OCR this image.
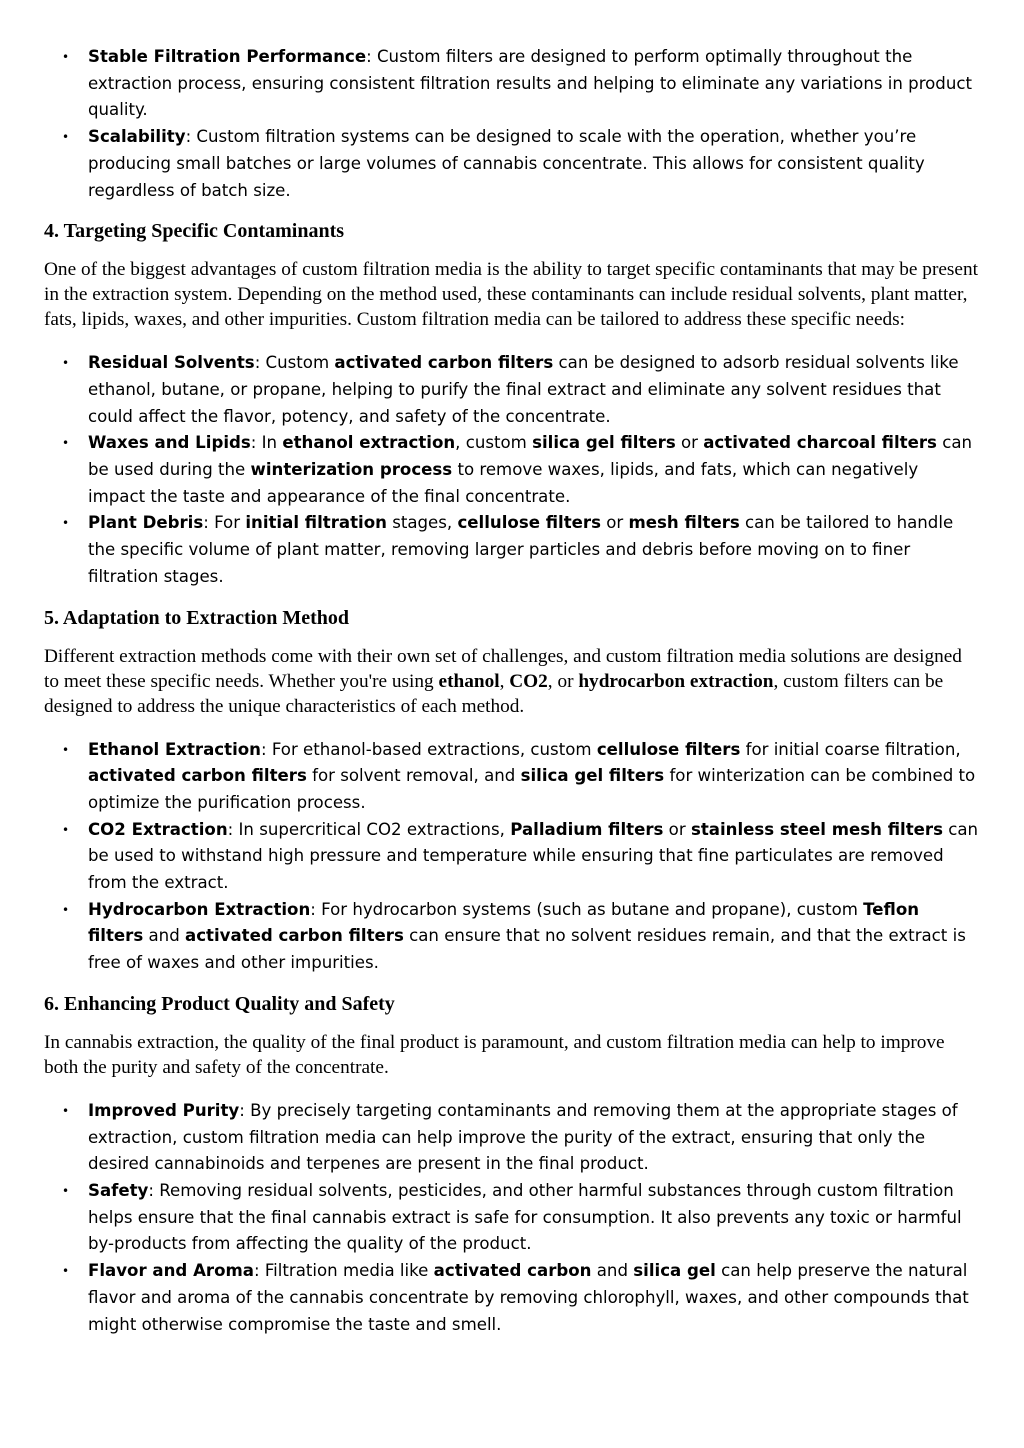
• Stable Filtration Performance: Custom filters are designed to perform optimally throughout the extraction process, ensuring consistent filtration results and helping to eliminate any variations in product quality.
• Scalability: Custom filtration systems can be designed to scale with the operation, whether you’re producing small batches or large volumes of cannabis concentrate. This allows for consistent quality regardless of batch size.
4. Targeting Specific Contaminants

One of the biggest advantages of custom filtration media is the ability to target specific contaminants that may be present in the extraction system. Depending on the method used, these contaminants can include residual solvents, plant matter, fats, lipids, waxes, and other impurities. Custom filtration media can be tailored to address these specific needs:

• Residual Solvents: Custom activated carbon filters can be designed to adsorb residual solvents like ethanol, butane, or propane, helping to purify the final extract and eliminate any solvent residues that could affect the flavor, potency, and safety of the concentrate.
• Waxes and Lipids: In ethanol extraction, custom silica gel filters or activated charcoal filters can be used during the winterization process to remove waxes, lipids, and fats, which can negatively impact the taste and appearance of the final concentrate.
• Plant Debris: For initial filtration stages, cellulose filters or mesh filters can be tailored to handle the specific volume of plant matter, removing larger particles and debris before moving on to finer filtration stages.
5. Adaptation to Extraction Method

Different extraction methods come with their own set of challenges, and custom filtration media solutions are designed to meet these specific needs. Whether you're using ethanol, CO2, or hydrocarbon extraction, custom filters can be designed to address the unique characteristics of each method.

• Ethanol Extraction: For ethanol-based extractions, custom cellulose filters for initial coarse filtration, activated carbon filters for solvent removal, and silica gel filters for winterization can be combined to optimize the purification process.
• CO2 Extraction: In supercritical CO2 extractions, Palladium filters or stainless steel mesh filters can be used to withstand high pressure and temperature while ensuring that fine particulates are removed from the extract.
• Hydrocarbon Extraction: For hydrocarbon systems (such as butane and propane), custom Teflon filters and activated carbon filters can ensure that no solvent residues remain, and that the extract is free of waxes and other impurities.
6. Enhancing Product Quality and Safety

In cannabis extraction, the quality of the final product is paramount, and custom filtration media can help to improve both the purity and safety of the concentrate.

• Improved Purity: By precisely targeting contaminants and removing them at the appropriate stages of extraction, custom filtration media can help improve the purity of the extract, ensuring that only the desired cannabinoids and terpenes are present in the final product.
• Safety: Removing residual solvents, pesticides, and other harmful substances through custom filtration helps ensure that the final cannabis extract is safe for consumption. It also prevents any toxic or harmful by-products from affecting the quality of the product.
• Flavor and Aroma: Filtration media like activated carbon and silica gel can help preserve the natural flavor and aroma of the cannabis concentrate by removing chlorophyll, waxes, and other compounds that might otherwise compromise the taste and smell.
